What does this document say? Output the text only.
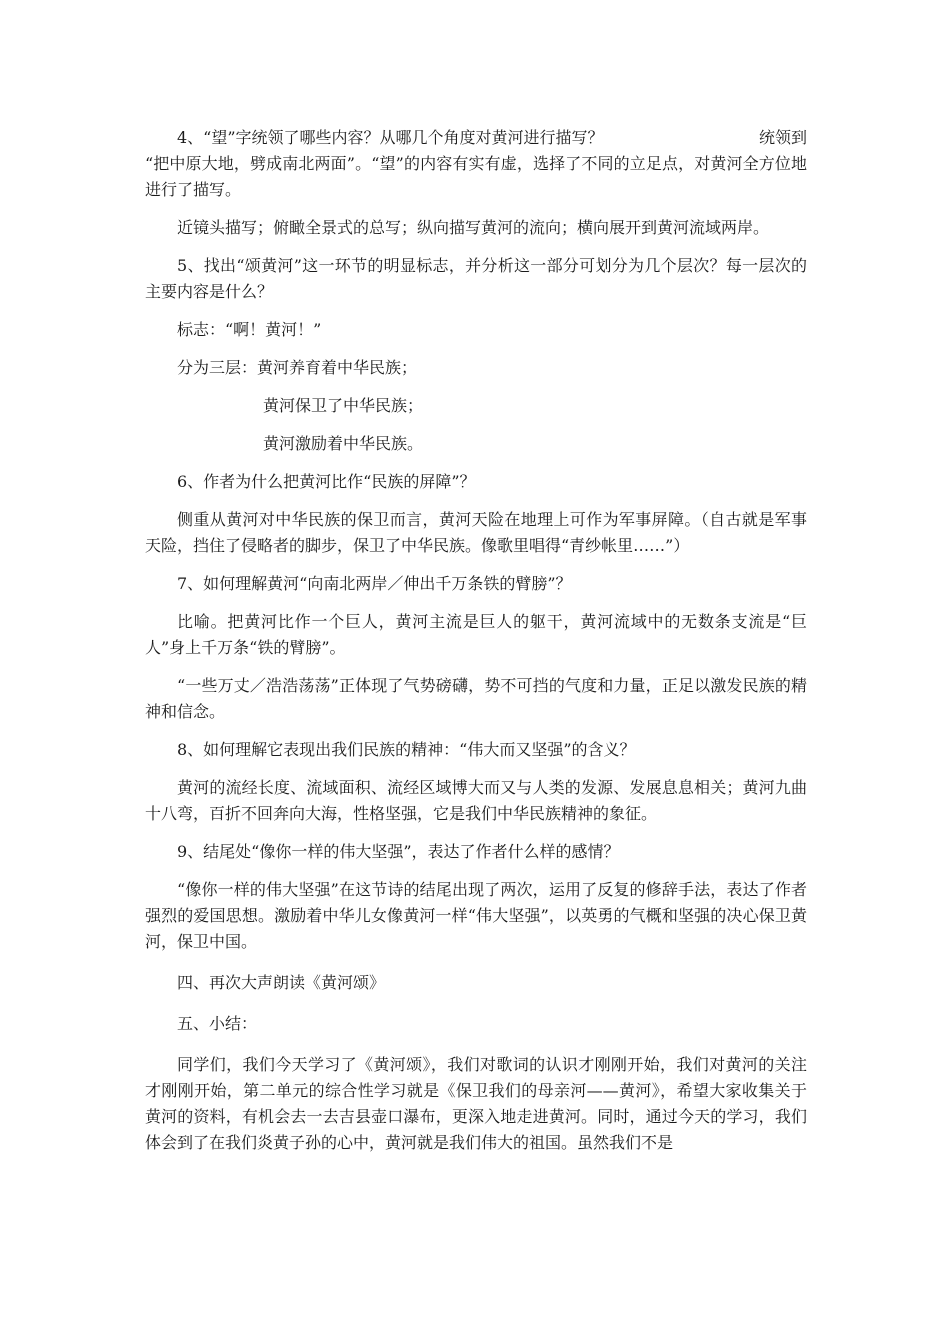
4、“望”字统领了哪些内容？从哪几个角度对黄河进行描写？	统领到

“把中原大地，劈成南北两面”。“望”的内容有实有虚，选择了不同的立足点，对黄河全方位地进行了描写。

近镜头描写；俯瞰全景式的总写；纵向描写黄河的流向；横向展开到黄河流域两岸。

5、找出“颂黄河”这一环节的明显标志，并分析这一部分可划分为几个层次？每一层次的主要内容是什么？

标志：“啊！黄河！”

分为三层：黄河养育着中华民族；

黄河保卫了中华民族；

黄河激励着中华民族。

6、作者为什么把黄河比作“民族的屏障”？

侧重从黄河对中华民族的保卫而言，黄河天险在地理上可作为军事屏障。（自古就是军事天险，挡住了侵略者的脚步，保卫了中华民族。像歌里唱得“青纱帐里……”）

7、如何理解黄河“向南北两岸／伸出千万条铁的臂膀”？

比喻。把黄河比作一个巨人，黄河主流是巨人的躯干，黄河流域中的无数条支流是“巨人”身上千万条“铁的臂膀”。

“一些万丈／浩浩荡荡”正体现了气势磅礴，势不可挡的气度和力量，正足以激发民族的精神和信念。

8、如何理解它表现出我们民族的精神：“伟大而又坚强”的含义？

黄河的流经长度、流域面积、流经区域博大而又与人类的发源、发展息息相关；黄河九曲十八弯，百折不回奔向大海，性格坚强，它是我们中华民族精神的象征。

9、结尾处“像你一样的伟大坚强”，表达了作者什么样的感情？

“像你一样的伟大坚强”在这节诗的结尾出现了两次，运用了反复的修辞手法，表达了作者强烈的爱国思想。激励着中华儿女像黄河一样“伟大坚强”，以英勇的气概和坚强的决心保卫黄河，保卫中国。

四、再次大声朗读《黄河颂》

五、小结：

同学们，我们今天学习了《黄河颂》，我们对歌词的认识才刚刚开始，我们对黄河的关注才刚刚开始，第二单元的综合性学习就是《保卫我们的母亲河——黄河》，希望大家收集关于黄河的资料，有机会去一去吉县壶口瀑布，更深入地走进黄河。同时，通过今天的学习，我们体会到了在我们炎黄子孙的心中，黄河就是我们伟大的祖国。虽然我们不是
